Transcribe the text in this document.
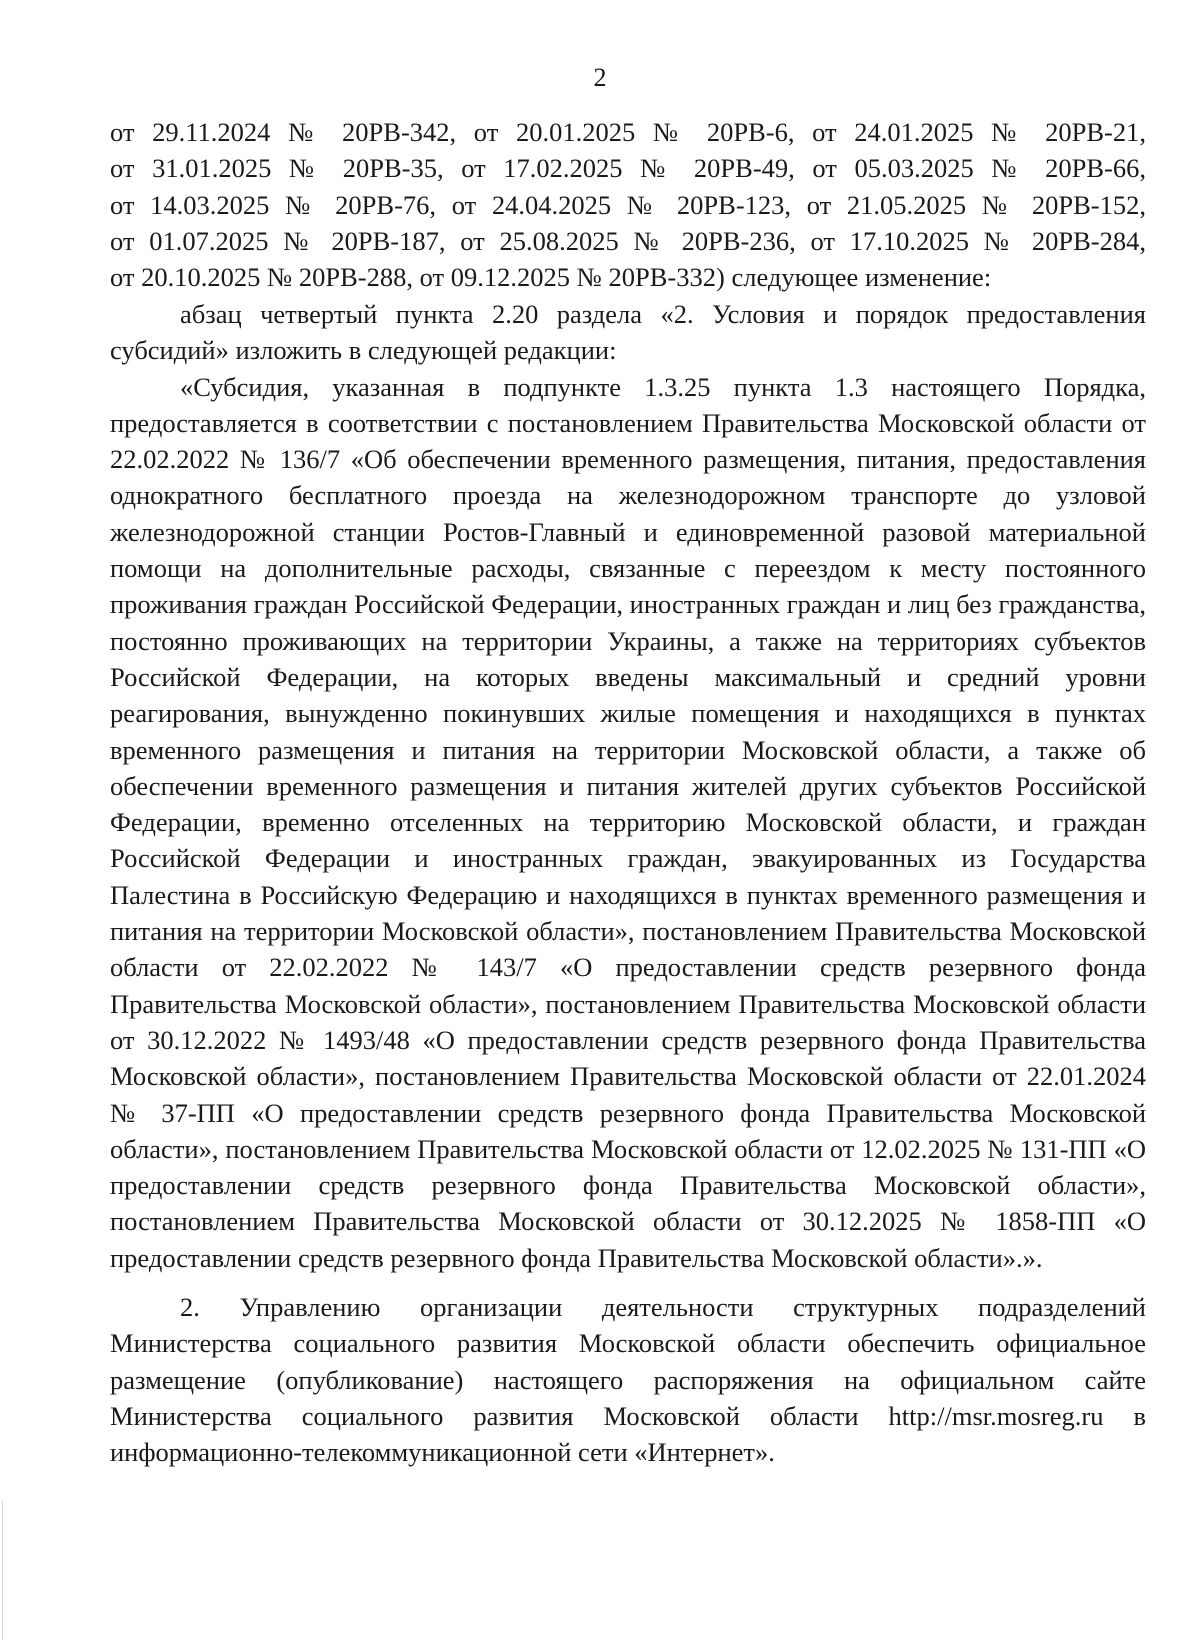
2
от 29.11.2024 № 20РВ-342, от 20.01.2025 № 20РВ-6, от 24.01.2025 № 20РВ-21,
от 31.01.2025 № 20РВ-35, от 17.02.2025 № 20РВ-49, от 05.03.2025 № 20РВ-66,
от 14.03.2025 № 20РВ-76, от 24.04.2025 № 20РВ-123, от 21.05.2025 № 20РВ-152,
от 01.07.2025 № 20РВ-187, от 25.08.2025 № 20РВ-236, от 17.10.2025 № 20РВ-284,
от 20.10.2025 № 20РВ-288, от 09.12.2025 № 20РВ-332) следующее изменение:

абзац четвертый пункта 2.20 раздела «2. Условия и порядок предоставления субсидий» изложить в следующей редакции:

«Субсидия, указанная в подпункте 1.3.25 пункта 1.3 настоящего Порядка, предоставляется в соответствии с постановлением Правительства Московской области от 22.02.2022 № 136/7 «Об обеспечении временного размещения, питания, предоставления однократного бесплатного проезда на железнодорожном транспорте до узловой железнодорожной станции Ростов-Главный и единовременной разовой материальной помощи на дополнительные расходы, связанные с переездом к месту постоянного проживания граждан Российской Федерации, иностранных граждан и лиц без гражданства, постоянно проживающих на территории Украины, а также на территориях субъектов Российской Федерации, на которых введены максимальный и средний уровни реагирования, вынужденно покинувших жилые помещения и находящихся в пунктах временного размещения и питания на территории Московской области, а также об обеспечении временного размещения и питания жителей других субъектов Российской Федерации, временно отселенных на территорию Московской области, и граждан Российской Федерации и иностранных граждан, эвакуированных из Государства Палестина в Российскую Федерацию и находящихся в пунктах временного размещения и питания на территории Московской области», постановлением Правительства Московской области от 22.02.2022 № 143/7 «О предоставлении средств резервного фонда Правительства Московской области», постановлением Правительства Московской области от 30.12.2022 № 1493/48 «О предоставлении средств резервного фонда Правительства Московской области», постановлением Правительства Московской области от 22.01.2024 № 37-ПП «О предоставлении средств резервного фонда Правительства Московской области», постановлением Правительства Московской области от 12.02.2025 № 131-ПП «О предоставлении средств резервного фонда Правительства Московской области», постановлением Правительства Московской области от 30.12.2025 № 1858-ПП «О предоставлении средств резервного фонда Правительства Московской области».».

2. Управлению организации деятельности структурных подразделений Министерства социального развития Московской области обеспечить официальное размещение (опубликование) настоящего распоряжения на официальном сайте Министерства социального развития Московской области http://msr.mosreg.ru в информационно-телекоммуникационной сети «Интернет».
